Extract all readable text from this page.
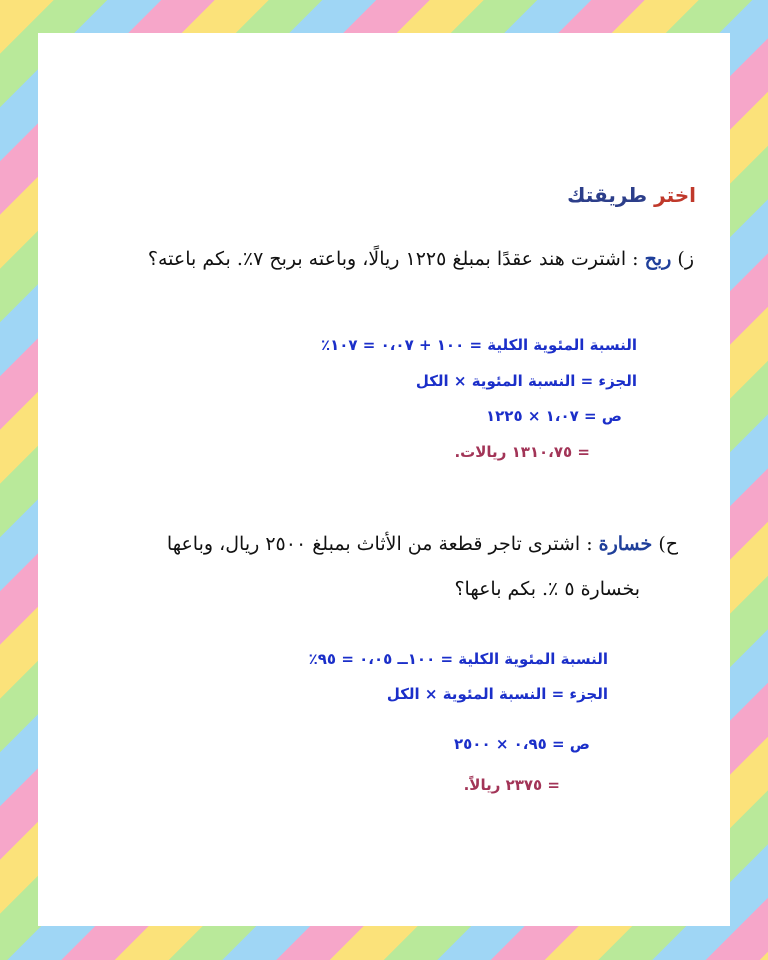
اختر طريقتك
ز) ربح : اشترت هند عقدًا بمبلغ ١٢٢٥ ريالًا، وباعته بربح ٧٪. بكم باعته؟
النسبة المئوية الكلية = ١٠٠ + ٠،٠٧ = ١٠٧٪
الجزء = النسبة المئوية × الكل
ص = ١،٠٧ × ١٢٢٥
= ١٣١٠،٧٥ ريالات.
ح) خسارة : اشترى تاجر قطعة من الأثاث بمبلغ ٢٥٠٠ ريال، وباعها
بخسارة ٥ ٪. بكم باعها؟
النسبة المئوية الكلية = ١٠٠ــ ٠،٠٥ = ٩٥٪
الجزء = النسبة المئوية × الكل
ص = ٠،٩٥ × ٢٥٠٠
= ٢٣٧٥ ريالاً.
